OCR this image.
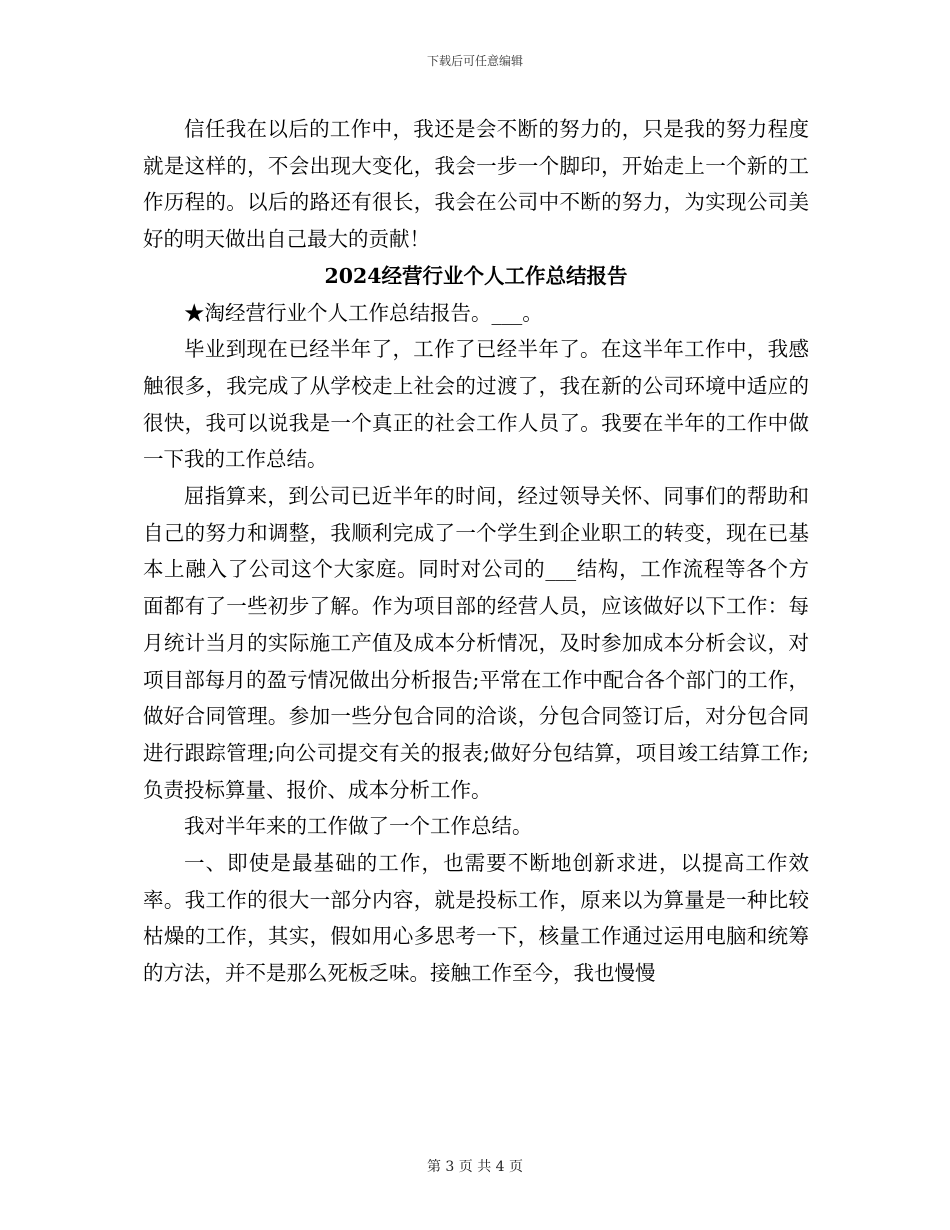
下载后可任意编辑

信任我在以后的工作中，我还是会不断的努力的，只是我的努力程度就是这样的，不会出现大变化，我会一步一个脚印，开始走上一个新的工作历程的。以后的路还有很长，我会在公司中不断的努力，为实现公司美好的明天做出自己最大的贡献！

2024经营行业个人工作总结报告

★淘经营行业个人工作总结报告。___。

毕业到现在已经半年了，工作了已经半年了。在这半年工作中，我感触很多，我完成了从学校走上社会的过渡了，我在新的公司环境中适应的很快，我可以说我是一个真正的社会工作人员了。我要在半年的工作中做一下我的工作总结。

屈指算来，到公司已近半年的时间，经过领导关怀、同事们的帮助和自己的努力和调整，我顺利完成了一个学生到企业职工的转变，现在已基本上融入了公司这个大家庭。同时对公司的___结构，工作流程等各个方面都有了一些初步了解。作为项目部的经营人员，应该做好以下工作：每月统计当月的实际施工产值及成本分析情况，及时参加成本分析会议，对项目部每月的盈亏情况做出分析报告;平常在工作中配合各个部门的工作，做好合同管理。参加一些分包合同的洽谈，分包合同签订后，对分包合同进行跟踪管理;向公司提交有关的报表;做好分包结算，项目竣工结算工作;负责投标算量、报价、成本分析工作。

我对半年来的工作做了一个工作总结。

一、即使是最基础的工作，也需要不断地创新求进，以提高工作效率。我工作的很大一部分内容，就是投标工作，原来以为算量是一种比较枯燥的工作，其实，假如用心多思考一下，核量工作通过运用电脑和统筹的方法，并不是那么死板乏味。接触工作至今，我也慢慢

第 3 页 共 4 页
